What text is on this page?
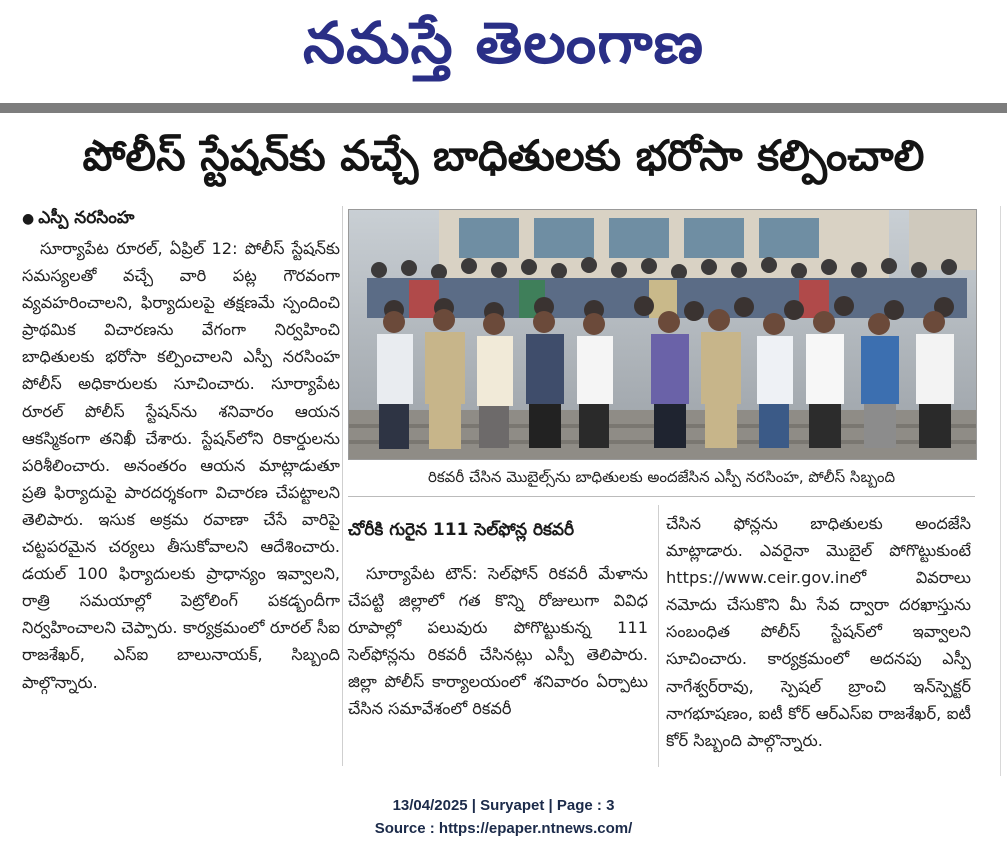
నమస్తే తెలంగాణ
పోలీస్ స్టేషన్‌కు వచ్చే బాధితులకు భరోసా కల్పించాలి
● ఎస్పీ నరసింహ

సూర్యాపేట రూరల్, ఏప్రిల్ 12: పోలీస్ స్టేషన్‌కు సమస్యలతో వచ్చే వారి పట్ల గౌరవంగా వ్యవహరించాలని, ఫిర్యాదులపై తక్షణమే స్పందించి ప్రాథమిక విచారణను వేగంగా నిర్వహించి బాధితులకు భరోసా కల్పించాలని ఎస్పీ నరసింహ పోలీస్ అధికారులకు సూచించారు. సూర్యాపేట రూరల్ పోలీస్ స్టేషన్‌ను శనివారం ఆయన ఆకస్మికంగా తనిఖీ చేశారు. స్టేషన్‌లోని రికార్డులను పరిశీలించారు. అనంతరం ఆయన మాట్లాడుతూ ప్రతి ఫిర్యాదుపై పారదర్శకంగా విచారణ చేపట్టాలని తెలిపారు. ఇసుక అక్రమ రవాణా చేసే వారిపై చట్టపరమైన చర్యలు తీసుకోవాలని ఆదేశించారు. డయల్ 100 ఫిర్యాదులకు ప్రాధాన్యం ఇవ్వాలని, రాత్రి సమయాల్లో పెట్రోలింగ్ పకడ్బందీగా నిర్వహించాలని చెప్పారు. కార్యక్రమంలో రూరల్ సీఐ రాజశేఖర్, ఎస్ఐ బాలునాయక్, సిబ్బంది పాల్గొన్నారు.

రికవరీ చేసిన మొబైల్స్‌ను బాధితులకు అందజేసిన ఎస్పీ నరసింహ, పోలీస్ సిబ్బంది
చోరీకి గురైన 111 సెల్‌ఫోన్ల రికవరీ

సూర్యాపేట టౌన్: సెల్‌ఫోన్ రికవరీ మేళాను చేపట్టి జిల్లాలో గత కొన్ని రోజులుగా వివిధ రూపాల్లో పలువురు పోగొట్టుకున్న 111 సెల్‌ఫోన్లను రికవరీ చేసినట్లు ఎస్పీ తెలిపారు. జిల్లా పోలీస్ కార్యాలయంలో శనివారం ఏర్పాటు చేసిన సమావేశంలో రికవరీ

చేసిన ఫోన్లను బాధితులకు అందజేసి మాట్లాడారు. ఎవరైనా మొబైల్ పోగొట్టుకుంటే https://www.ceir.gov.inలో వివరాలు నమోదు చేసుకొని మీ సేవ ద్వారా దరఖాస్తును సంబంధిత పోలీస్ స్టేషన్‌లో ఇవ్వాలని సూచించారు. కార్యక్రమంలో అదనపు ఎస్పీ నాగేశ్వర్‌రావు, స్పెషల్ బ్రాంచి ఇన్‌స్పెక్టర్ నాగభూషణం, ఐటీ కోర్ ఆర్ఎస్ఐ రాజశేఖర్, ఐటీ కోర్ సిబ్బంది పాల్గొన్నారు.

13/04/2025 | Suryapet | Page : 3
Source : https://epaper.ntnews.com/
